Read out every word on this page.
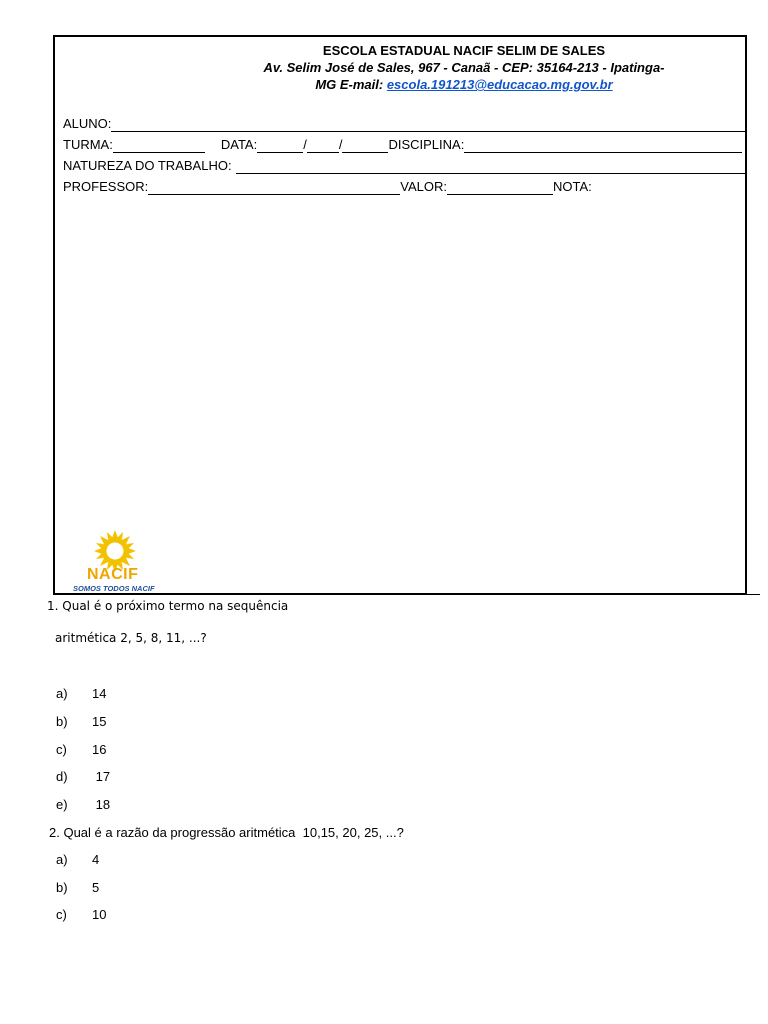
ESCOLA ESTADUAL NACIF SELIM DE SALES
Av. Selim José de Sales, 967 - Canaã - CEP: 35164-213 - Ipatinga-
MG E-mail: escola.191213@educacao.mg.gov.br
ALUNO:
TURMA:	DATA:	/ /	DISCIPLINA:
NATUREZA DO TRABALHO:
PROFESSOR:	VALOR:	NOTA:
NACIF
SOMOS TODOS NACIF
1. Qual é o próximo termo na sequência
aritmética 2, 5, 8, 11, ...?
a) 14
b) 15
c) 16
d) 17
e) 18
2. Qual é a razão da progressão aritmética  10,15, 20, 25, ...?
a) 4
b) 5
c) 10
